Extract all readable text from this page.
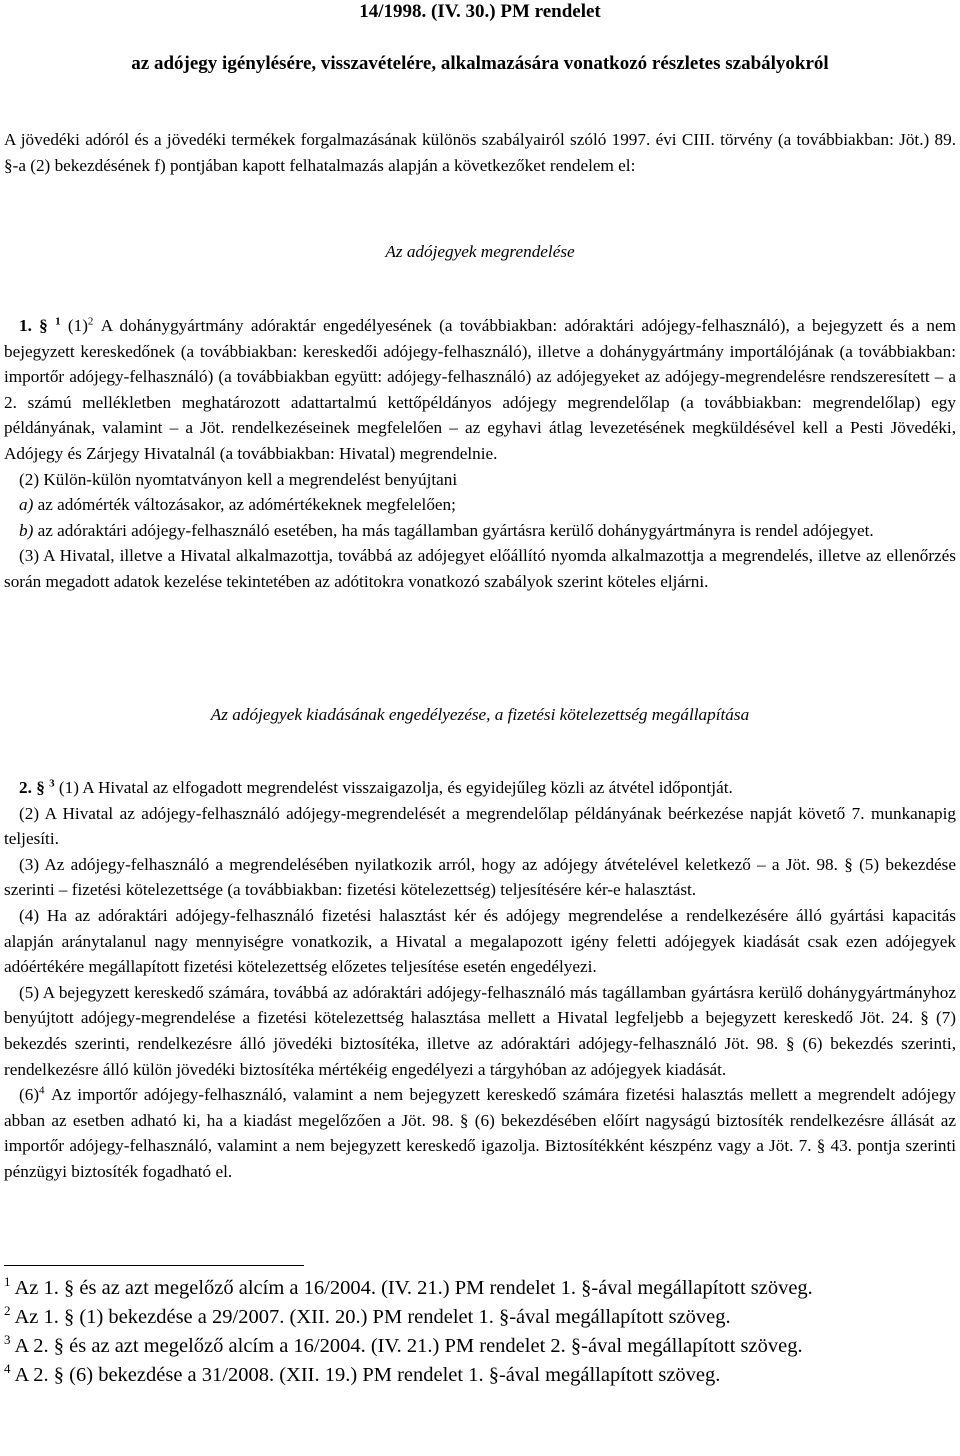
14/1998. (IV. 30.) PM rendelet
az adójegy igénylésére, visszavételére, alkalmazására vonatkozó részletes szabályokról

A jövedéki adóról és a jövedéki termékek forgalmazásának különös szabályairól szóló 1997. évi CIII. törvény (a továbbiakban: Jöt.) 89. §-a (2) bekezdésének f) pontjában kapott felhatalmazás alapján a következőket rendelem el:

Az adójegyek megrendelése

1. § $^1$ $(1)^2$ A dohánygyártmány adóraktár engedélyesének (a továbbiakban: adóraktári adójegy-felhasználó), a bejegyzett és a nem bejegyzett kereskedőnek (a továbbiakban: kereskedői adójegy-felhasználó), illetve a dohánygyártmány importálójának (a továbbiakban: importőr adójegy-felhasználó) (a továbbiakban együtt: adójegy-felhasználó) az adójegyeket az adójegy-megrendelésre rendszeresített – a 2. számú mellékletben meghatározott adattartalmú kettőpéldányos adójegy megrendelőlap (a továbbiakban: megrendelőlap) egy példányának, valamint – a Jöt. rendelkezéseinek megfelelően – az egyhavi átlag levezetésének megküldésével kell a Pesti Jövedéki, Adójegy és Zárjegy Hivatalnál (a továbbiakban: Hivatal) megrendelnie.

(2) Külön-külön nyomtatványon kell a megrendelést benyújtani

a) az adómérték változásakor, az adómértékeknek megfelelően;

b) az adóraktári adójegy-felhasználó esetében, ha más tagállamban gyártásra kerülő dohánygyártmányra is rendel adójegyet.

(3) A Hivatal, illetve a Hivatal alkalmazottja, továbbá az adójegyet előállító nyomda alkalmazottja a megrendelés, illetve az ellenőrzés során megadott adatok kezelése tekintetében az adótitokra vonatkozó szabályok szerint köteles eljárni.

Az adójegyek kiadásának engedélyezése, a fizetési kötelezettség megállapítása

2. § $^3$ (1) A Hivatal az elfogadott megrendelést visszaigazolja, és egyidejűleg közli az átvétel időpontját.

(2) A Hivatal az adójegy-felhasználó adójegy-megrendelését a megrendelőlap példányának beérkezése napját követő 7. munkanapig teljesíti.

(3) Az adójegy-felhasználó a megrendelésében nyilatkozik arról, hogy az adójegy átvételével keletkező – a Jöt. 98. § (5) bekezdése szerinti – fizetési kötelezettsége (a továbbiakban: fizetési kötelezettség) teljesítésére kér-e halasztást.

(4) Ha az adóraktári adójegy-felhasználó fizetési halasztást kér és adójegy megrendelése a rendelkezésére álló gyártási kapacitás alapján aránytalanul nagy mennyiségre vonatkozik, a Hivatal a megalapozott igény feletti adójegyek kiadását csak ezen adójegyek adóértékére megállapított fizetési kötelezettség előzetes teljesítése esetén engedélyezi.

(5) A bejegyzett kereskedő számára, továbbá az adóraktári adójegy-felhasználó más tagállamban gyártásra kerülő dohánygyártmányhoz benyújtott adójegy-megrendelése a fizetési kötelezettség halasztása mellett a Hivatal legfeljebb a bejegyzett kereskedő Jöt. 24. § (7) bekezdés szerinti, rendelkezésre álló jövedéki biztosítéka, illetve az adóraktári adójegy-felhasználó Jöt. 98. § (6) bekezdés szerinti, rendelkezésre álló külön jövedéki biztosítéka mértékéig engedélyezi a tárgyhóban az adójegyek kiadását.

$(6)^4$ Az importőr adójegy-felhasználó, valamint a nem bejegyzett kereskedő számára fizetési halasztás mellett a megrendelt adójegy abban az esetben adható ki, ha a kiadást megelőzően a Jöt. 98. § (6) bekezdésében előírt nagyságú biztosíték rendelkezésre állását az importőr adójegy-felhasználó, valamint a nem bejegyzett kereskedő igazolja. Biztosítékként készpénz vagy a Jöt. 7. § 43. pontja szerinti pénzügyi biztosíték fogadható el.

$^1$ Az 1. § és az azt megelőző alcím a 16/2004. (IV. 21.) PM rendelet 1. §-ával megállapított szöveg.

$^2$ Az 1. § (1) bekezdése a 29/2007. (XII. 20.) PM rendelet 1. §-ával megállapított szöveg.

$^3$ A 2. § és az azt megelőző alcím a 16/2004. (IV. 21.) PM rendelet 2. §-ával megállapított szöveg.

$^4$ A 2. § (6) bekezdése a 31/2008. (XII. 19.) PM rendelet 1. §-ával megállapított szöveg.
